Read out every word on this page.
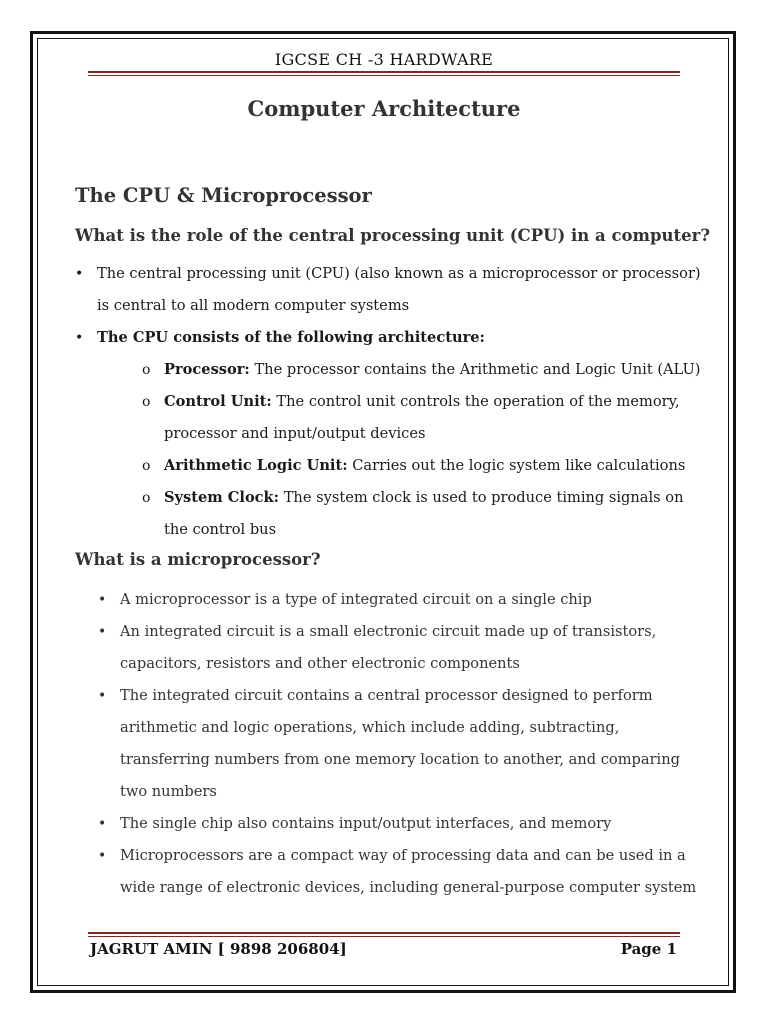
IGCSE CH -3 HARDWARE
Computer Architecture
The CPU & Microprocessor
What is the role of the central processing unit (CPU) in a computer?
• The central processing unit (CPU) (also known as a microprocessor or processor) is central to all modern computer systems
• The CPU consists of the following architecture:
o Processor: The processor contains the Arithmetic and Logic Unit (ALU)
o Control Unit: The control unit controls the operation of the memory, processor and input/output devices
o Arithmetic Logic Unit: Carries out the logic system like calculations
o System Clock: The system clock is used to produce timing signals on the control bus
What is a microprocessor?
• A microprocessor is a type of integrated circuit on a single chip
• An integrated circuit is a small electronic circuit made up of transistors, capacitors, resistors and other electronic components
• The integrated circuit contains a central processor designed to perform arithmetic and logic operations, which include adding, subtracting, transferring numbers from one memory location to another, and comparing two numbers
• The single chip also contains input/output interfaces, and memory
• Microprocessors are a compact way of processing data and can be used in a wide range of electronic devices, including general-purpose computer system
JAGRUT AMIN [ 9898 206804]	Page 1
